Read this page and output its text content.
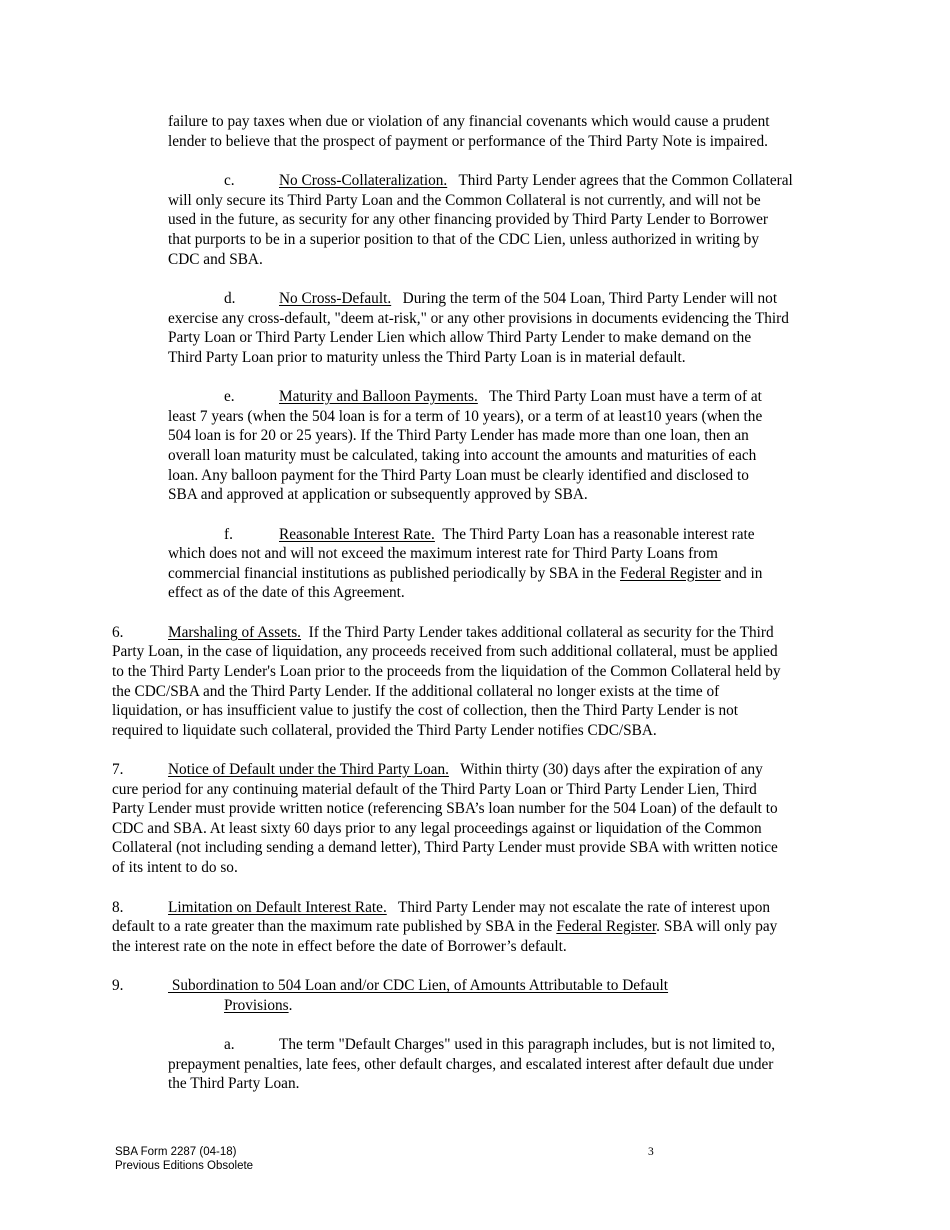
failure to pay taxes when due or violation of any financial covenants which would cause a prudent
lender to believe that the prospect of payment or performance of the Third Party Note is impaired.
c.	No Cross-Collateralization. Third Party Lender agrees that the Common Collateral
will only secure its Third Party Loan and the Common Collateral is not currently, and will not be
used in the future, as security for any other financing provided by Third Party Lender to Borrower
that purports to be in a superior position to that of the CDC Lien, unless authorized in writing by
CDC and SBA.
d.	No Cross-Default. During the term of the 504 Loan, Third Party Lender will not
exercise any cross-default, "deem at-risk," or any other provisions in documents evidencing the Third
Party Loan or Third Party Lender Lien which allow Third Party Lender to make demand on the
Third Party Loan prior to maturity unless the Third Party Loan is in material default.
e.	Maturity and Balloon Payments. The Third Party Loan must have a term of at
least 7 years (when the 504 loan is for a term of 10 years), or a term of at least10 years (when the
504 loan is for 20 or 25 years). If the Third Party Lender has made more than one loan, then an
overall loan maturity must be calculated, taking into account the amounts and maturities of each
loan. Any balloon payment for the Third Party Loan must be clearly identified and disclosed to
SBA and approved at application or subsequently approved by SBA.
f.	Reasonable Interest Rate. The Third Party Loan has a reasonable interest rate
which does not and will not exceed the maximum interest rate for Third Party Loans from
commercial financial institutions as published periodically by SBA in the Federal Register and in
effect as of the date of this Agreement.
6.	Marshaling of Assets. If the Third Party Lender takes additional collateral as security for the Third
Party Loan, in the case of liquidation, any proceeds received from such additional collateral, must be applied
to the Third Party Lender's Loan prior to the proceeds from the liquidation of the Common Collateral held by
the CDC/SBA and the Third Party Lender. If the additional collateral no longer exists at the time of
liquidation, or has insufficient value to justify the cost of collection, then the Third Party Lender is not
required to liquidate such collateral, provided the Third Party Lender notifies CDC/SBA.
7.	Notice of Default under the Third Party Loan. Within thirty (30) days after the expiration of any
cure period for any continuing material default of the Third Party Loan or Third Party Lender Lien, Third
Party Lender must provide written notice (referencing SBA’s loan number for the 504 Loan) of the default to
CDC and SBA. At least sixty 60 days prior to any legal proceedings against or liquidation of the Common
Collateral (not including sending a demand letter), Third Party Lender must provide SBA with written notice
of its intent to do so.
8.	Limitation on Default Interest Rate. Third Party Lender may not escalate the rate of interest upon
default to a rate greater than the maximum rate published by SBA in the Federal Register. SBA will only pay
the interest rate on the note in effect before the date of Borrower’s default.
9.	Subordination to 504 Loan and/or CDC Lien, of Amounts Attributable to Default
Provisions.
a.	The term "Default Charges" used in this paragraph includes, but is not limited to,
prepayment penalties, late fees, other default charges, and escalated interest after default due under
the Third Party Loan.
SBA Form 2287 (04-18)
Previous Editions Obsolete
3
